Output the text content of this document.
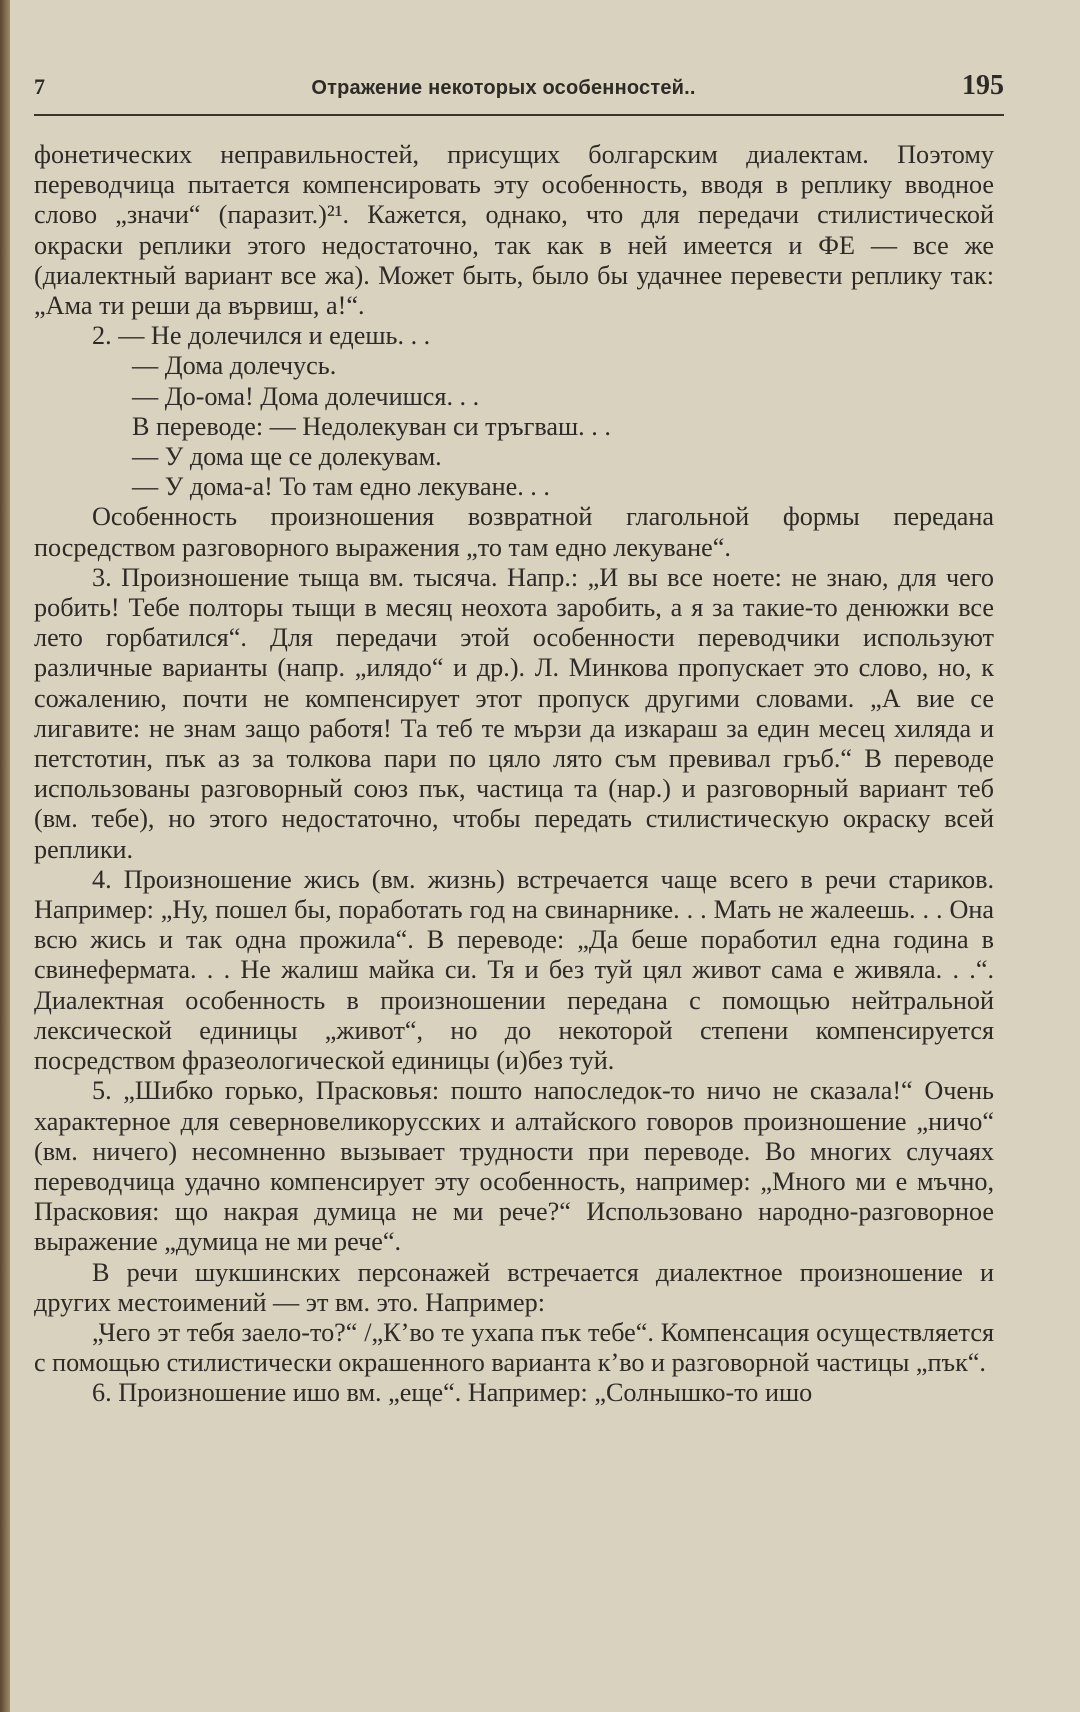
7	Отражение некоторых особенностей..	195

фонетических неправильностей, присущих болгарским диалектам. Поэтому переводчица пытается компенсировать эту особенность, вводя в реплику вводное слово „значи“ (паразит.)²¹. Кажется, однако, что для передачи стилистической окраски реплики этого недостаточно, так как в ней имеется и ФЕ — все же (диалектный вариант все жа). Может быть, было бы удачнее перевести реплику так: „Ама ти реши да вървиш, а!“.

2. — Не долечился и едешь. . .

— Дома долечусь.

— До-ома! Дома долечишся. . .

В переводе: — Недолекуван си тръгваш. . .

— У дома ще се долекувам.

— У дома-а! То там едно лекуване. . .

Особенность произношения возвратной глагольной формы передана посредством разговорного выражения „то там едно лекуване“.

3. Произношение тыща вм. тысяча. Напр.: „И вы все ноете: не знаю, для чего робить! Тебе полторы тыщи в месяц неохота заробить, а я за такие-то денюжки все лето горбатился“. Для передачи этой особенности переводчики используют различные варианты (напр. „илядо“ и др.). Л. Минкова пропускает это слово, но, к сожалению, почти не компенсирует этот пропуск другими словами. „А вие се лигавите: не знам защо работя! Та теб те мързи да изкараш за един месец хиляда и петстотин, пък аз за толкова пари по цяло лято съм превивал гръб.“ В переводе использованы разговорный союз пък, частица та (нар.) и разговорный вариант теб (вм. тебе), но этого недостаточно, чтобы передать стилистическую окраску всей реплики.

4. Произношение жись (вм. жизнь) встречается чаще всего в речи стариков. Например: „Ну, пошел бы, поработать год на свинарнике. . . Мать не жалеешь. . . Она всю жись и так одна прожила“. В переводе: „Да беше поработил една година в свинефермата. . . Не жалиш майка си. Тя и без туй цял живот сама е живяла. . .“. Диалектная особенность в произношении передана с помощью нейтральной лексической единицы „живот“, но до некоторой степени компенсируется посредством фразеологической единицы (и)без туй.

5. „Шибко горько, Прасковья: пошто напоследок-то ничо не сказала!“ Очень характерное для северновеликорусских и алтайского говоров произношение „ничо“ (вм. ничего) несомненно вызывает трудности при переводе. Во многих случаях переводчица удачно компенсирует эту особенность, например: „Много ми е мъчно, Прасковия: що накрая думица не ми рече?“ Использовано народно-разговорное выражение „думица не ми рече“.

В речи шукшинских персонажей встречается диалектное произношение и других местоимений — эт вм. это. Например:

„Чего эт тебя заело-то?“ /„К’во те ухапа пък тебе“. Компенсация осуществляется с помощью стилистически окрашенного варианта к’во и разговорной частицы „пък“.

6. Произношение ишо вм. „еще“. Например: „Солнышко-то ишо
